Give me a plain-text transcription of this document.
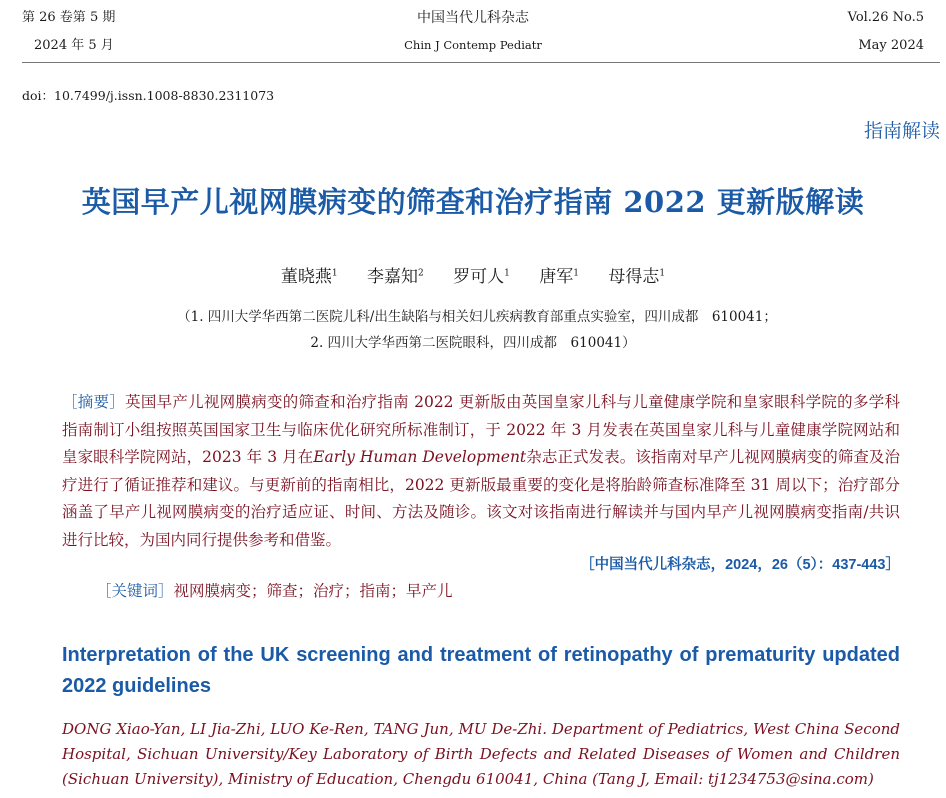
第 26 卷第 5 期
2024 年 5 月
中国当代儿科杂志
Chin J Contemp Pediatr
Vol.26 No.5
May 2024
doi：10.7499/j.issn.1008-8830.2311073
指南解读
英国早产儿视网膜病变的筛查和治疗指南 2022 更新版解读
董晓燕$^1$ 李嘉知$^2$ 罗可人$^1$ 唐军$^1$ 母得志$^1$
（1. 四川大学华西第二医院儿科/出生缺陷与相关妇儿疾病教育部重点实验室，四川成都　610041；
2. 四川大学华西第二医院眼科，四川成都　610041）

［摘要］英国早产儿视网膜病变的筛查和治疗指南 2022 更新版由英国皇家儿科与儿童健康学院和皇家眼科学院的多学科指南制订小组按照英国国家卫生与临床优化研究所标准制订，于 2022 年 3 月发表在英国皇家儿科与儿童健康学院网站和皇家眼科学院网站，2023 年 3 月在Early Human Development杂志正式发表。该指南对早产儿视网膜病变的筛查及治疗进行了循证推荐和建议。与更新前的指南相比，2022 更新版最重要的变化是将胎龄筛查标准降至 31 周以下；治疗部分涵盖了早产儿视网膜病变的治疗适应证、时间、方法及随诊。该文对该指南进行解读并与国内早产儿视网膜病变指南/共识进行比较，为国内同行提供参考和借鉴。

［中国当代儿科杂志，2024，26（5）：437-443］
［关键词］视网膜病变；筛查；治疗；指南；早产儿

Interpretation of the UK screening and treatment of retinopathy of prematurity updated 2022 guidelines

DONG Xiao-Yan, LI Jia-Zhi, LUO Ke-Ren, TANG Jun, MU De-Zhi. Department of Pediatrics, West China Second Hospital, Sichuan University/Key Laboratory of Birth Defects and Related Diseases of Women and Children (Sichuan University), Ministry of Education, Chengdu 610041, China (Tang J, Email: tj1234753@sina.com)
